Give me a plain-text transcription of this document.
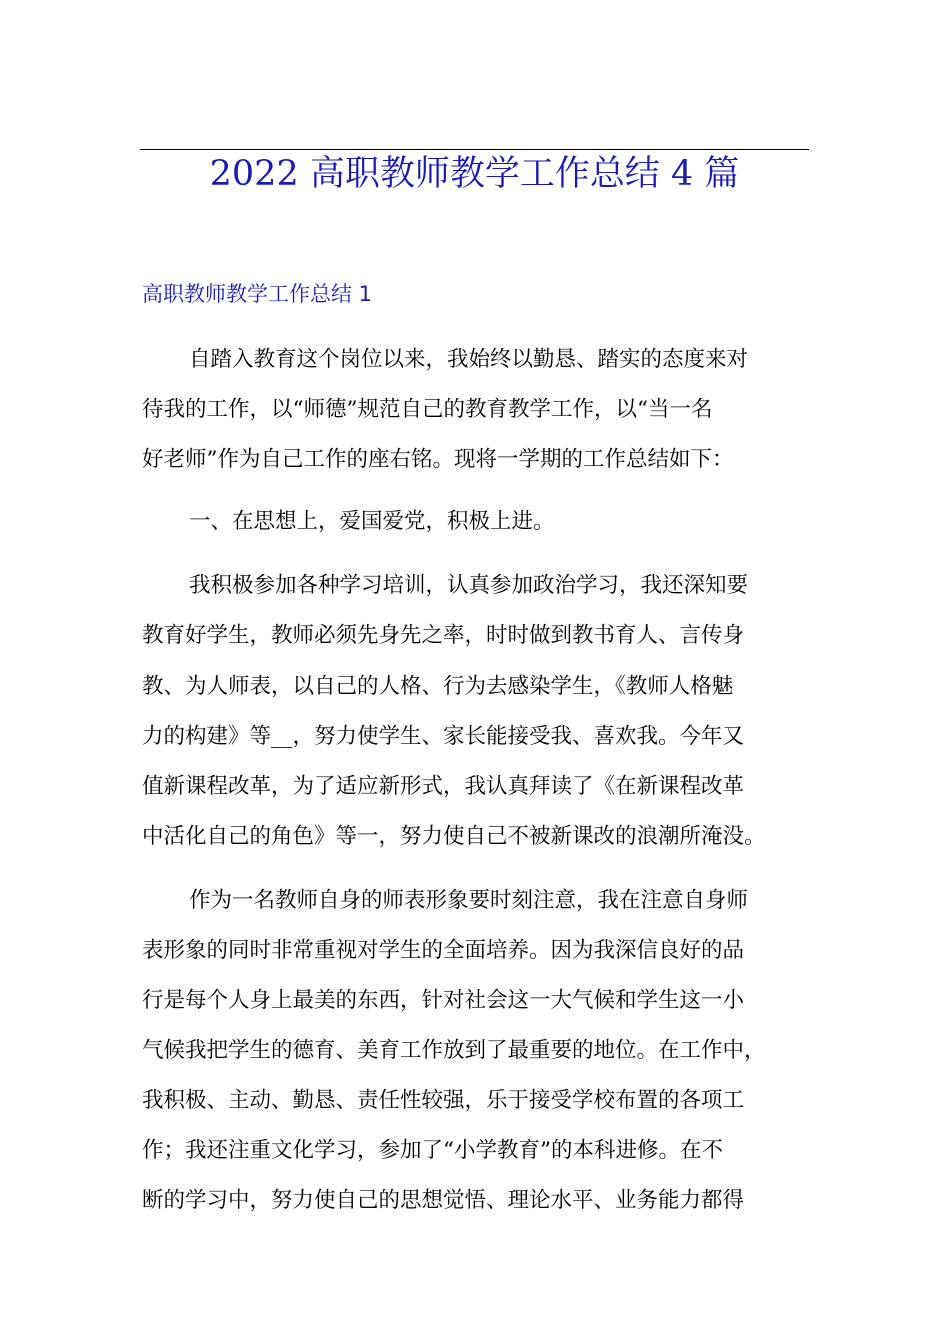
2022 高职教师教学工作总结 4 篇
高职教师教学工作总结 1
自踏入教育这个岗位以来，我始终以勤恳、踏实的态度来对
待我的工作，以“师德”规范自己的教育教学工作，以“当一名
好老师”作为自己工作的座右铭。现将一学期的工作总结如下：
一、在思想上，爱国爱党，积极上进。
我积极参加各种学习培训，认真参加政治学习，我还深知要
教育好学生，教师必须先身先之率，时时做到教书育人、言传身
教、为人师表，以自己的人格、行为去感染学生，《教师人格魅
力的构建》等__，努力使学生、家长能接受我、喜欢我。今年又
值新课程改革，为了适应新形式，我认真拜读了《在新课程改革
中活化自己的角色》等一，努力使自己不被新课改的浪潮所淹没。
作为一名教师自身的师表形象要时刻注意，我在注意自身师
表形象的同时非常重视对学生的全面培养。因为我深信良好的品
行是每个人身上最美的东西，针对社会这一大气候和学生这一小
气候我把学生的德育、美育工作放到了最重要的地位。在工作中，
我积极、主动、勤恳、责任性较强，乐于接受学校布置的各项工
作；我还注重文化学习，参加了“小学教育”的本科进修。在不
断的学习中，努力使自己的思想觉悟、理论水平、业务能力都得
